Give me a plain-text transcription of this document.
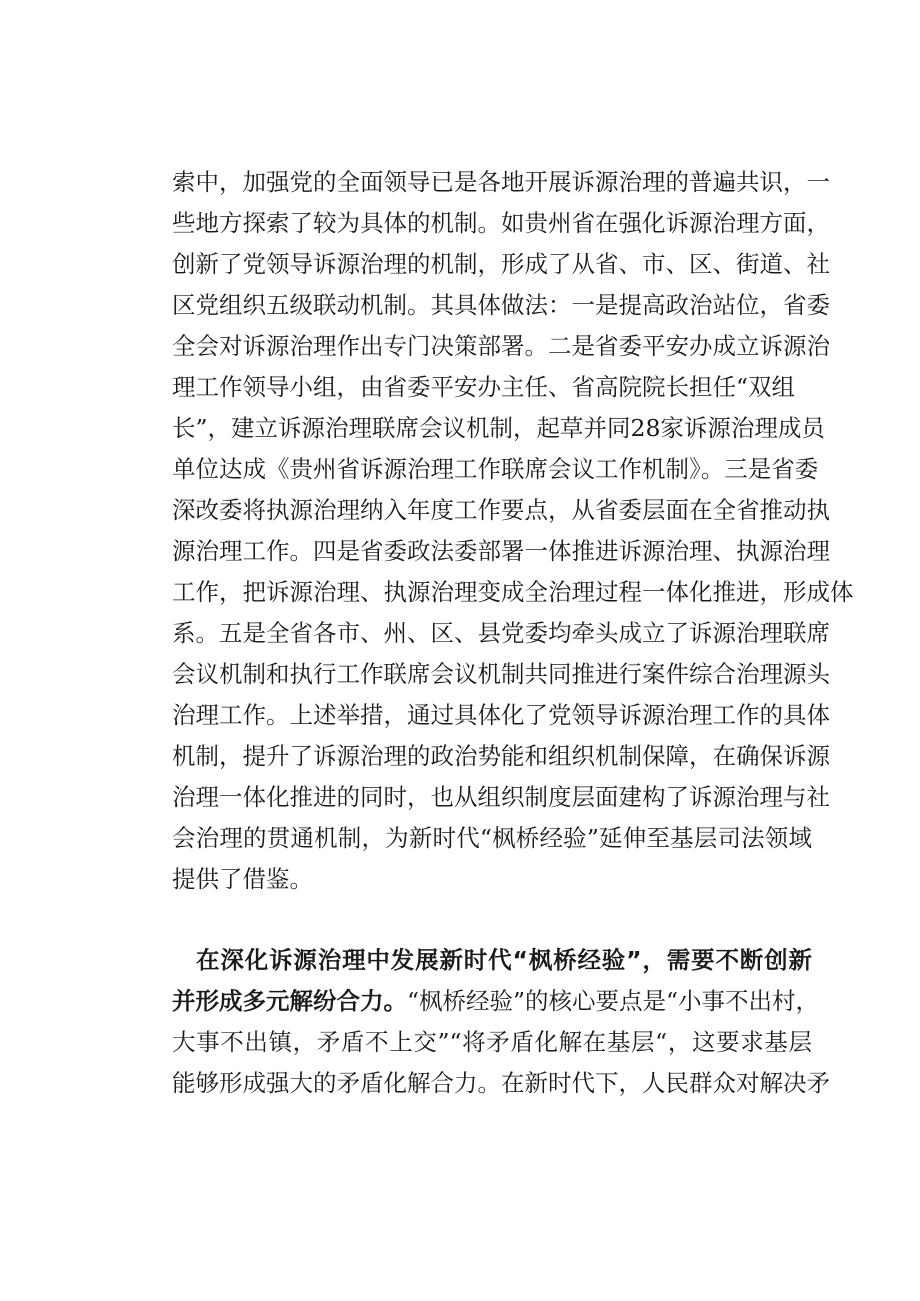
索中，加强党的全面领导已是各地开展诉源治理的普遍共识，一
些地方探索了较为具体的机制。如贵州省在强化诉源治理方面，
创新了党领导诉源治理的机制，形成了从省、市、区、街道、社
区党组织五级联动机制。其具体做法：一是提高政治站位，省委
全会对诉源治理作出专门决策部署。二是省委平安办成立诉源治
理工作领导小组，由省委平安办主任、省高院院长担任“双组
长”，建立诉源治理联席会议机制，起草并同28家诉源治理成员
单位达成《贵州省诉源治理工作联席会议工作机制》。三是省委
深改委将执源治理纳入年度工作要点，从省委层面在全省推动执
源治理工作。四是省委政法委部署一体推进诉源治理、执源治理
工作，把诉源治理、执源治理变成全治理过程一体化推进，形成体
系。五是全省各市、州、区、县党委均牵头成立了诉源治理联席
会议机制和执行工作联席会议机制共同推进行案件综合治理源头
治理工作。上述举措，通过具体化了党领导诉源治理工作的具体
机制，提升了诉源治理的政治势能和组织机制保障，在确保诉源
治理一体化推进的同时，也从组织制度层面建构了诉源治理与社
会治理的贯通机制，为新时代“枫桥经验”延伸至基层司法领域
提供了借鉴。
在深化诉源治理中发展新时代“枫桥经验”，需要不断创新
并形成多元解纷合力。“枫桥经验”的核心要点是“小事不出村，
大事不出镇，矛盾不上交”“将矛盾化解在基层“，这要求基层
能够形成强大的矛盾化解合力。在新时代下，人民群众对解决矛
